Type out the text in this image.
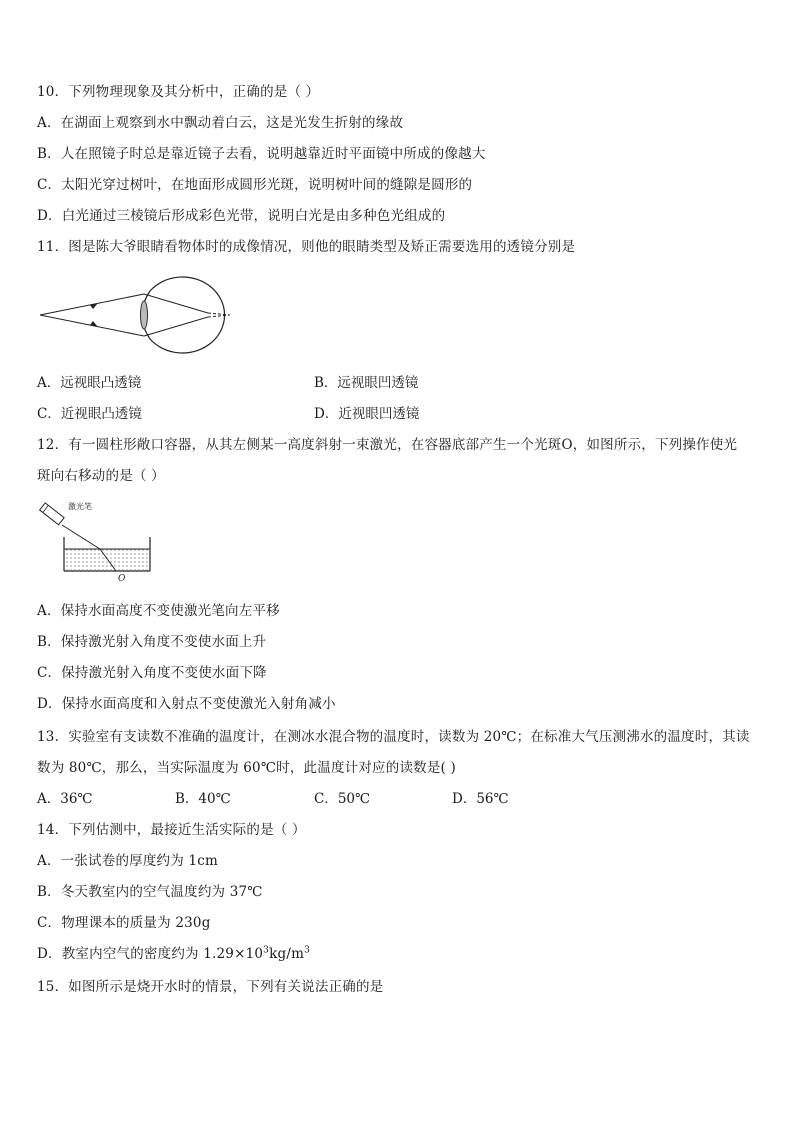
10．下列物理现象及其分析中，正确的是（ ）
A．在湖面上观察到水中飘动着白云，这是光发生折射的缘故
B．人在照镜子时总是靠近镜子去看，说明越靠近时平面镜中所成的像越大
C．太阳光穿过树叶，在地面形成圆形光斑，说明树叶间的缝隙是圆形的
D．白光通过三棱镜后形成彩色光带，说明白光是由多种色光组成的
11．图是陈大爷眼睛看物体时的成像情况，则他的眼睛类型及矫正需要选用的透镜分别是
A．远视眼凸透镜	B．远视眼凹透镜
C．近视眼凸透镜	D．近视眼凹透镜
12．有一圆柱形敞口容器，从其左侧某一高度斜射一束激光，在容器底部产生一个光斑O，如图所示，下列操作使光
斑向右移动的是（ ）
激光笔
O
A．保持水面高度不变使激光笔向左平移
B．保持激光射入角度不变使水面上升
C．保持激光射入角度不变使水面下降
D．保持水面高度和入射点不变使激光入射角减小
13．实验室有支读数不准确的温度计，在测冰水混合物的温度时，读数为 20℃；在标准大气压测沸水的温度时，其读
数为 80℃，那么，当实际温度为 60℃时，此温度计对应的读数是( )
A．36℃	B．40℃	C．50℃	D．56℃
14．下列估测中，最接近生活实际的是（ ）
A．一张试卷的厚度约为 1cm
B．冬天教室内的空气温度约为 37℃
C．物理课本的质量为 230g
D．教室内空气的密度约为 $1.29\times 10^3kg/m^3$
15．如图所示是烧开水时的情景，下列有关说法正确的是
